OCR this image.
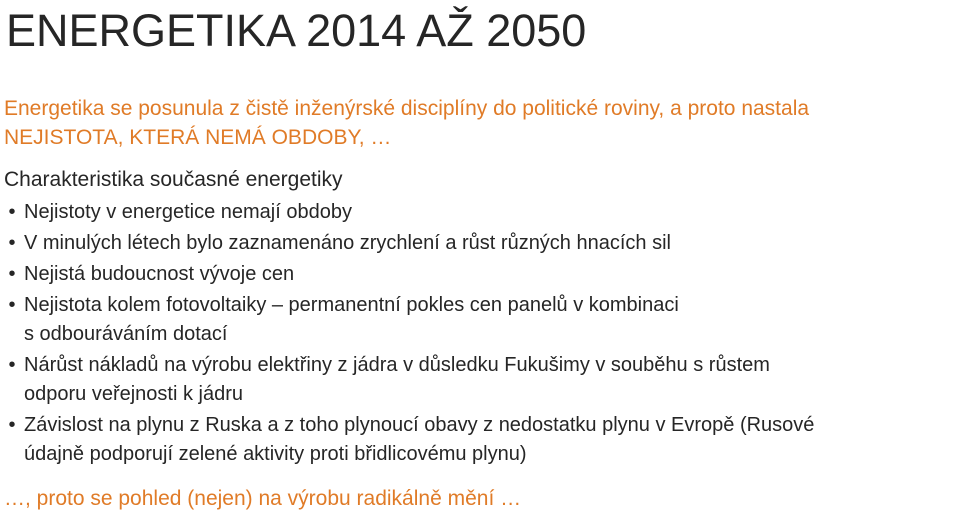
ENERGETIKA 2014 AŽ 2050
Energetika se posunula z čistě inženýrské disciplíny do politické roviny, a proto nastala
NEJISTOTA, KTERÁ NEMÁ OBDOBY, …
Charakteristika současné energetiky
• Nejistoty v energetice nemají obdoby
• V minulých létech bylo zaznamenáno zrychlení a růst různých hnacích sil
• Nejistá budoucnost vývoje cen
• Nejistota kolem fotovoltaiky – permanentní pokles cen panelů v kombinaci
s odbouráváním dotací
• Nárůst nákladů na výrobu elektřiny z jádra v důsledku Fukušimy v souběhu s růstem
odporu veřejnosti k jádru
• Závislost na plynu z Ruska a z toho plynoucí obavy z nedostatku plynu v Evropě (Rusové
údajně podporují zelené aktivity proti břidlicovému plynu)
…, proto se pohled (nejen) na výrobu radikálně mění …
